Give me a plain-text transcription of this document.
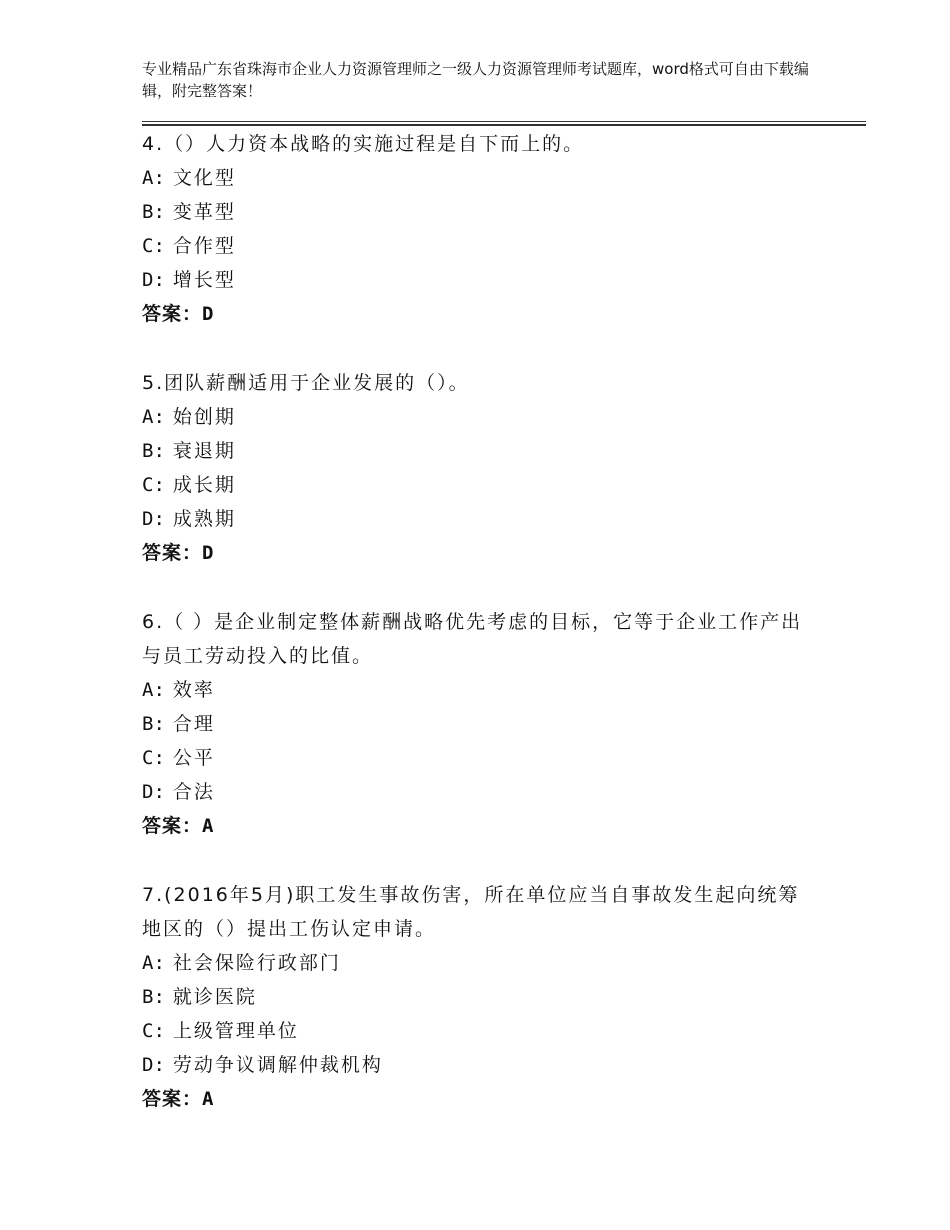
专业精品广东省珠海市企业人力资源管理师之一级人力资源管理师考试题库，word格式可自由下载编辑，附完整答案！

4.（）人力资本战略的实施过程是自下而上的。

A: 文化型
B: 变革型
C: 合作型
D: 增长型

答案：D

5.团队薪酬适用于企业发展的（）。

A: 始创期
B: 衰退期
C: 成长期
D: 成熟期

答案：D

6.（ ）是企业制定整体薪酬战略优先考虑的目标，它等于企业工作产出与员工劳动投入的比值。

A: 效率
B: 合理
C: 公平
D: 合法

答案：A

7.(2016年5月)职工发生事故伤害，所在单位应当自事故发生起向统筹地区的（）提出工伤认定申请。

A: 社会保险行政部门
B: 就诊医院
C: 上级管理单位
D: 劳动争议调解仲裁机构

答案：A
